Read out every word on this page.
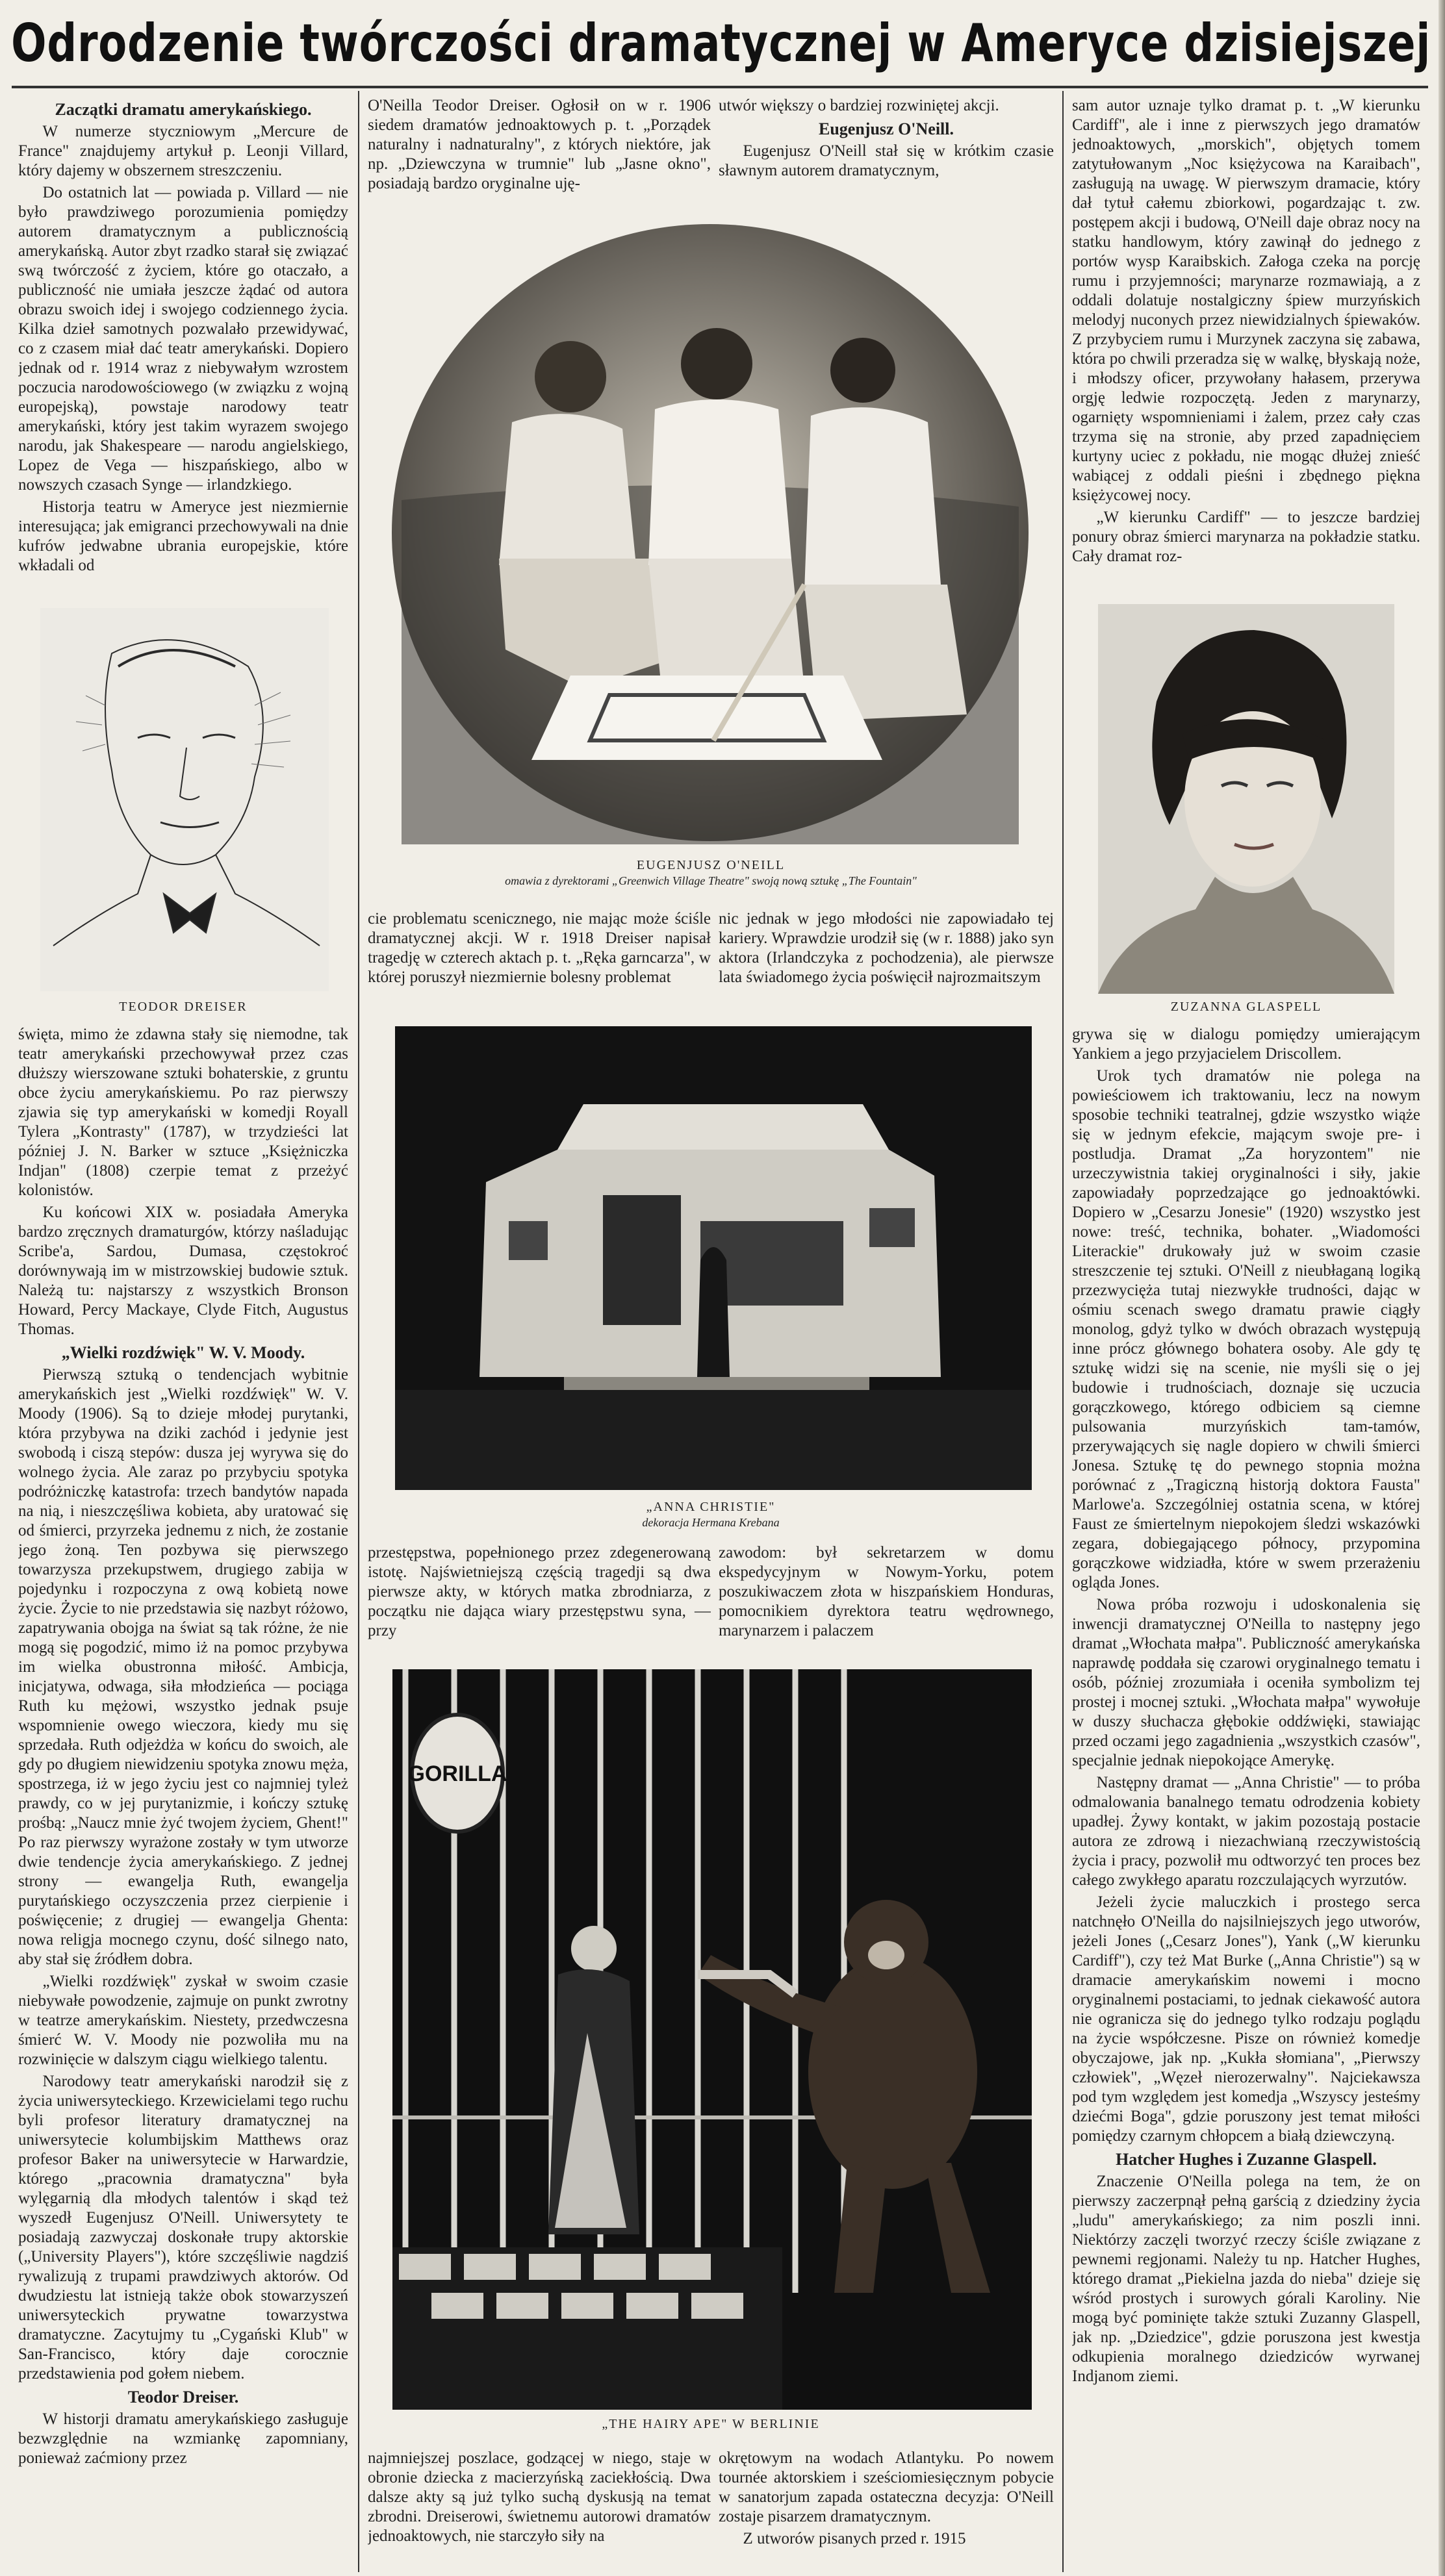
Odrodzenie twórczości dramatycznej w Ameryce dzisiejszej

Zaczątki dramatu amerykańskiego.

W numerze styczniowym „Mercure de France" znajdujemy artykuł p. Leonji Villard, który dajemy w obszernem streszczeniu.

Do ostatnich lat — powiada p. Villard — nie było prawdziwego porozumienia pomiędzy autorem dramatycznym a publicznością amerykańską. Autor zbyt rzadko starał się związać swą twórczość z życiem, które go otaczało, a publiczność nie umiała jeszcze żądać od autora obrazu swoich idej i swojego codziennego życia. Kilka dzieł samotnych pozwalało przewidywać, co z czasem miał dać teatr amerykański. Dopiero jednak od r. 1914 wraz z niebywałym wzrostem poczucia narodowościowego (w związku z wojną europejską), powstaje narodowy teatr amerykański, który jest takim wyrazem swojego narodu, jak Shakespeare — narodu angielskiego, Lopez de Vega — hiszpańskiego, albo w nowszych czasach Synge — irlandzkiego.

Historja teatru w Ameryce jest niezmiernie interesująca; jak emigranci przechowywali na dnie kufrów jedwabne ubrania europejskie, które wkładali od

TEODOR DREISER

święta, mimo że zdawna stały się niemodne, tak teatr amerykański przechowywał przez czas dłuższy wierszowane sztuki bohaterskie, z gruntu obce życiu amerykańskiemu. Po raz pierwszy zjawia się typ amerykański w komedji Royall Tylera „Kontrasty" (1787), w trzydzieści lat później J. N. Barker w sztuce „Księżniczka Indjan" (1808) czerpie temat z przeżyć kolonistów.

Ku końcowi XIX w. posiadała Ameryka bardzo zręcznych dramaturgów, którzy naśladując Scribe'a, Sardou, Dumasa, częstokroć dorównywają im w mistrzowskiej budowie sztuk. Należą tu: najstarszy z wszystkich Bronson Howard, Percy Mackaye, Clyde Fitch, Augustus Thomas.

„Wielki rozdźwięk" W. V. Moody.

Pierwszą sztuką o tendencjach wybitnie amerykańskich jest „Wielki rozdźwięk" W. V. Moody (1906). Są to dzieje młodej purytanki, która przybywa na dziki zachód i jedynie jest swobodą i ciszą stepów: dusza jej wyrywa się do wolnego życia. Ale zaraz po przybyciu spotyka podróżniczkę katastrofa: trzech bandytów napada na nią, i nieszczęśliwa kobieta, aby uratować się od śmierci, przyrzeka jednemu z nich, że zostanie jego żoną. Ten pozbywa się pierwszego towarzysza przekupstwem, drugiego zabija w pojedynku i rozpoczyna z ową kobietą nowe życie. Życie to nie przedstawia się nazbyt różowo, zapatrywania obojga na świat są tak różne, że nie mogą się pogodzić, mimo iż na pomoc przybywa im wielka obustronna miłość. Ambicja, inicjatywa, odwaga, siła młodzieńca — pociąga Ruth ku mężowi, wszystko jednak psuje wspomnienie owego wieczora, kiedy mu się sprzedała. Ruth odjeżdża w końcu do swoich, ale gdy po długiem niewidzeniu spotyka znowu męża, spostrzega, iż w jego życiu jest co najmniej tyleż prawdy, co w jej purytanizmie, i kończy sztukę prośbą: „Naucz mnie żyć twojem życiem, Ghent!" Po raz pierwszy wyrażone zostały w tym utworze dwie tendencje życia amerykańskiego. Z jednej strony — ewangelja Ruth, ewangelja purytańskiego oczyszczenia przez cierpienie i poświęcenie; z drugiej — ewangelja Ghenta: nowa religja mocnego czynu, dość silnego nato, aby stał się źródłem dobra.

„Wielki rozdźwięk" zyskał w swoim czasie niebywałe powodzenie, zajmuje on punkt zwrotny w teatrze amerykańskim. Niestety, przedwczesna śmierć W. V. Moody nie pozwoliła mu na rozwinięcie w dalszym ciągu wielkiego talentu.

Narodowy teatr amerykański narodził się z życia uniwersyteckiego. Krzewicielami tego ruchu byli profesor literatury dramatycznej na uniwersytecie kolumbijskim Matthews oraz profesor Baker na uniwersytecie w Harwardzie, którego „pracownia dramatyczna" była wylęgarnią dla młodych talentów i skąd też wyszedł Eugenjusz O'Neill. Uniwersytety te posiadają zazwyczaj doskonałe trupy aktorskie („University Players"), które szczęśliwie nagdziś rywalizują z trupami prawdziwych aktorów. Od dwudziestu lat istnieją także obok stowarzyszeń uniwersyteckich prywatne towarzystwa dramatyczne. Zacytujmy tu „Cygański Klub" w San-Francisco, który daje corocznie przedstawienia pod gołem niebem.

Teodor Dreiser.

W historji dramatu amerykańskiego zasługuje bezwzględnie na wzmiankę zapomniany, ponieważ zaćmiony przez

O'Neilla Teodor Dreiser. Ogłosił on w r. 1906 siedem dramatów jednoaktowych p. t. „Porządek naturalny i nadnaturalny", z których niektóre, jak np. „Dziewczyna w trumnie" lub „Jasne okno", posiadają bardzo oryginalne uję-

utwór większy o bardziej rozwiniętej akcji.

Eugenjusz O'Neill.

Eugenjusz O'Neill stał się w krótkim czasie sławnym autorem dramatycznym,

EUGENJUSZ O'NEILL
omawia z dyrektorami „Greenwich Village Theatre" swoją nową sztukę „The Fountain"

cie problematu scenicznego, nie mając może ściśle dramatycznej akcji. W r. 1918 Dreiser napisał tragedję w czterech aktach p. t. „Ręka garncarza", w której poruszył niezmiernie bolesny problemat

nic jednak w jego młodości nie zapowiadało tej kariery. Wprawdzie urodził się (w r. 1888) jako syn aktora (Irlandczyka z pochodzenia), ale pierwsze lata świadomego życia poświęcił najrozmaitszym

„ANNA CHRISTIE"
dekoracja Hermana Krebana

przestępstwa, popełnionego przez zdegenerowaną istotę. Najświetniejszą częścią tragedji są dwa pierwsze akty, w których matka zbrodniarza, z początku nie dająca wiary przestępstwu syna, — przy

zawodom: był sekretarzem w domu ekspedycyjnym w Nowym-Yorku, potem poszukiwaczem złota w hiszpańskiem Honduras, pomocnikiem dyrektora teatru wędrownego, marynarzem i palaczem

GORILLA
„THE HAIRY APE" W BERLINIE

najmniejszej poszlace, godzącej w niego, staje w obronie dziecka z macierzyńską zaciekłością. Dwa dalsze akty są już tylko suchą dyskusją na temat zbrodni. Dreiserowi, świetnemu autorowi dramatów jednoaktowych, nie starczyło siły na

okrętowym na wodach Atlantyku. Po nowem tournée aktorskiem i sześciomiesięcznym pobycie w sanatorjum zapada ostateczna decyzja: O'Neill zostaje pisarzem dramatycznym.

Z utworów pisanych przed r. 1915

sam autor uznaje tylko dramat p. t. „W kierunku Cardiff", ale i inne z pierwszych jego dramatów jednoaktowych, „morskich", objętych tomem zatytułowanym „Noc księżycowa na Karaibach", zasługują na uwagę. W pierwszym dramacie, który dał tytuł całemu zbiorkowi, pogardzając t. zw. postępem akcji i budową, O'Neill daje obraz nocy na statku handlowym, który zawinął do jednego z portów wysp Karaibskich. Załoga czeka na porcję rumu i przyjemności; marynarze rozmawiają, a z oddali dolatuje nostalgiczny śpiew murzyńskich melodyj nuconych przez niewidzialnych śpiewaków. Z przybyciem rumu i Murzynek zaczyna się zabawa, która po chwili przeradza się w walkę, błyskają noże, i młodszy oficer, przywołany hałasem, przerywa orgję ledwie rozpoczętą. Jeden z marynarzy, ogarnięty wspomnieniami i żalem, przez cały czas trzyma się na stronie, aby przed zapadnięciem kurtyny uciec z pokładu, nie mogąc dłużej znieść wabiącej z oddali pieśni i zbędnego piękna księżycowej nocy.

„W kierunku Cardiff" — to jeszcze bardziej ponury obraz śmierci marynarza na pokładzie statku. Cały dramat roz-

ZUZANNA GLASPELL

grywa się w dialogu pomiędzy umierającym Yankiem a jego przyjacielem Driscollem.

Urok tych dramatów nie polega na powieściowem ich traktowaniu, lecz na nowym sposobie techniki teatralnej, gdzie wszystko wiąże się w jednym efekcie, mającym swoje pre- i postludja. Dramat „Za horyzontem" nie urzeczywistnia takiej oryginalności i siły, jakie zapowiadały poprzedzające go jednoaktówki. Dopiero w „Cesarzu Jonesie" (1920) wszystko jest nowe: treść, technika, bohater. „Wiadomości Literackie" drukowały już w swoim czasie streszczenie tej sztuki. O'Neill z nieubłaganą logiką przezwycięża tutaj niezwykłe trudności, dając w ośmiu scenach swego dramatu prawie ciągły monolog, gdyż tylko w dwóch obrazach występują inne prócz głównego bohatera osoby. Ale gdy tę sztukę widzi się na scenie, nie myśli się o jej budowie i trudnościach, doznaje się uczucia gorączkowego, którego odbiciem są ciemne pulsowania murzyńskich tam-tamów, przerywających się nagle dopiero w chwili śmierci Jonesa. Sztukę tę do pewnego stopnia można porównać z „Tragiczną historją doktora Fausta" Marlowe'a. Szczególniej ostatnia scena, w której Faust ze śmiertelnym niepokojem śledzi wskazówki zegara, dobiegającego północy, przypomina gorączkowe widziadła, które w swem przerażeniu ogląda Jones.

Nowa próba rozwoju i udoskonalenia się inwencji dramatycznej O'Neilla to następny jego dramat „Włochata małpa". Publiczność amerykańska naprawdę poddała się czarowi oryginalnego tematu i osób, później zrozumiała i oceniła symbolizm tej prostej i mocnej sztuki. „Włochata małpa" wywołuje w duszy słuchacza głębokie oddźwięki, stawiając przed oczami jego zagadnienia „wszystkich czasów", specjalnie jednak niepokojące Amerykę.

Następny dramat — „Anna Christie" — to próba odmalowania banalnego tematu odrodzenia kobiety upadłej. Żywy kontakt, w jakim pozostają postacie autora ze zdrową i niezachwianą rzeczywistością życia i pracy, pozwolił mu odtworzyć ten proces bez całego zwykłego aparatu rozczulających wyrzutów.

Jeżeli życie maluczkich i prostego serca natchnęło O'Neilla do najsilniejszych jego utworów, jeżeli Jones („Cesarz Jones"), Yank („W kierunku Cardiff"), czy też Mat Burke („Anna Christie") są w dramacie amerykańskim nowemi i mocno oryginalnemi postaciami, to jednak ciekawość autora nie ogranicza się do jednego tylko rodzaju poglądu na życie współczesne. Pisze on również komedje obyczajowe, jak np. „Kukła słomiana", „Pierwszy człowiek", „Węzeł nierozerwalny". Najciekawsza pod tym względem jest komedja „Wszyscy jesteśmy dziećmi Boga", gdzie poruszony jest temat miłości pomiędzy czarnym chłopcem a białą dziewczyną.

Hatcher Hughes i Zuzanne Glaspell.

Znaczenie O'Neilla polega na tem, że on pierwszy zaczerpnął pełną garścią z dziedziny życia „ludu" amerykańskiego; za nim poszli inni. Niektórzy zaczęli tworzyć rzeczy ściśle związane z pewnemi regjonami. Należy tu np. Hatcher Hughes, którego dramat „Piekielna jazda do nieba" dzieje się wśród prostych i surowych górali Karoliny. Nie mogą być pominięte także sztuki Zuzanny Glaspell, jak np. „Dziedzice", gdzie poruszona jest kwestja odkupienia moralnego dziedziców wyrwanej Indjanom ziemi.
